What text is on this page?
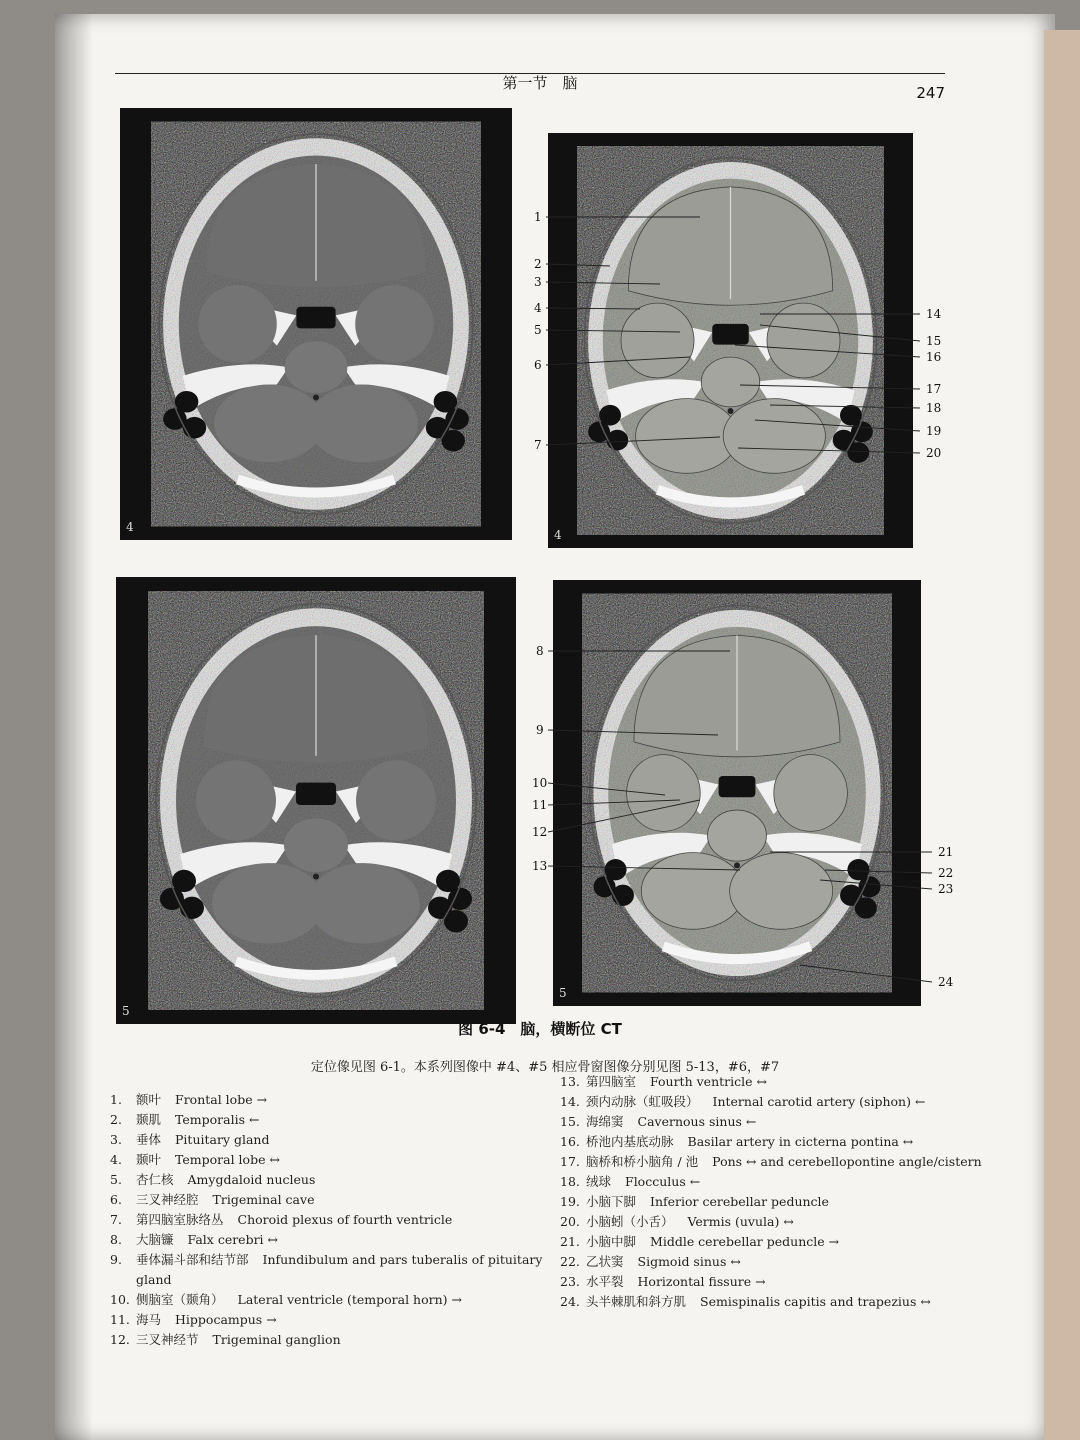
第一节　脑
247
4
4
5
5
1
2
3
4
5
6
7
14
15
16
17
18
19
20
8
9
10
11
12
13
21
22
23
24
图 6-4　脑，横断位 CT
定位像见图 6-1。本系列图像中 #4、#5 相应骨窗图像分别见图 5-13，#6，#7
1. 额叶 Frontal lobe →
2. 颞肌 Temporalis ←
3. 垂体 Pituitary gland
4. 颞叶 Temporal lobe ↔
5. 杏仁核 Amygdaloid nucleus
6. 三叉神经腔 Trigeminal cave
7. 第四脑室脉络丛 Choroid plexus of fourth ventricle
8. 大脑镰 Falx cerebri ↔
9. 垂体漏斗部和结节部 Infundibulum and pars tuberalis of pituitary
gland
10. 侧脑室（颞角） Lateral ventricle (temporal horn) →
11. 海马 Hippocampus →
12. 三叉神经节 Trigeminal ganglion
13. 第四脑室 Fourth ventricle ↔
14. 颈内动脉（虹吸段） Internal carotid artery (siphon) ←
15. 海绵窦 Cavernous sinus ←
16. 桥池内基底动脉 Basilar artery in cicterna pontina ↔
17. 脑桥和桥小脑角 / 池 Pons ↔ and cerebellopontine angle/cistern
18. 绒球 Flocculus ←
19. 小脑下脚 Inferior cerebellar peduncle
20. 小脑蚓（小舌） Vermis (uvula) ↔
21. 小脑中脚 Middle cerebellar peduncle →
22. 乙状窦 Sigmoid sinus ↔
23. 水平裂 Horizontal fissure →
24. 头半棘肌和斜方肌 Semispinalis capitis and trapezius ↔
